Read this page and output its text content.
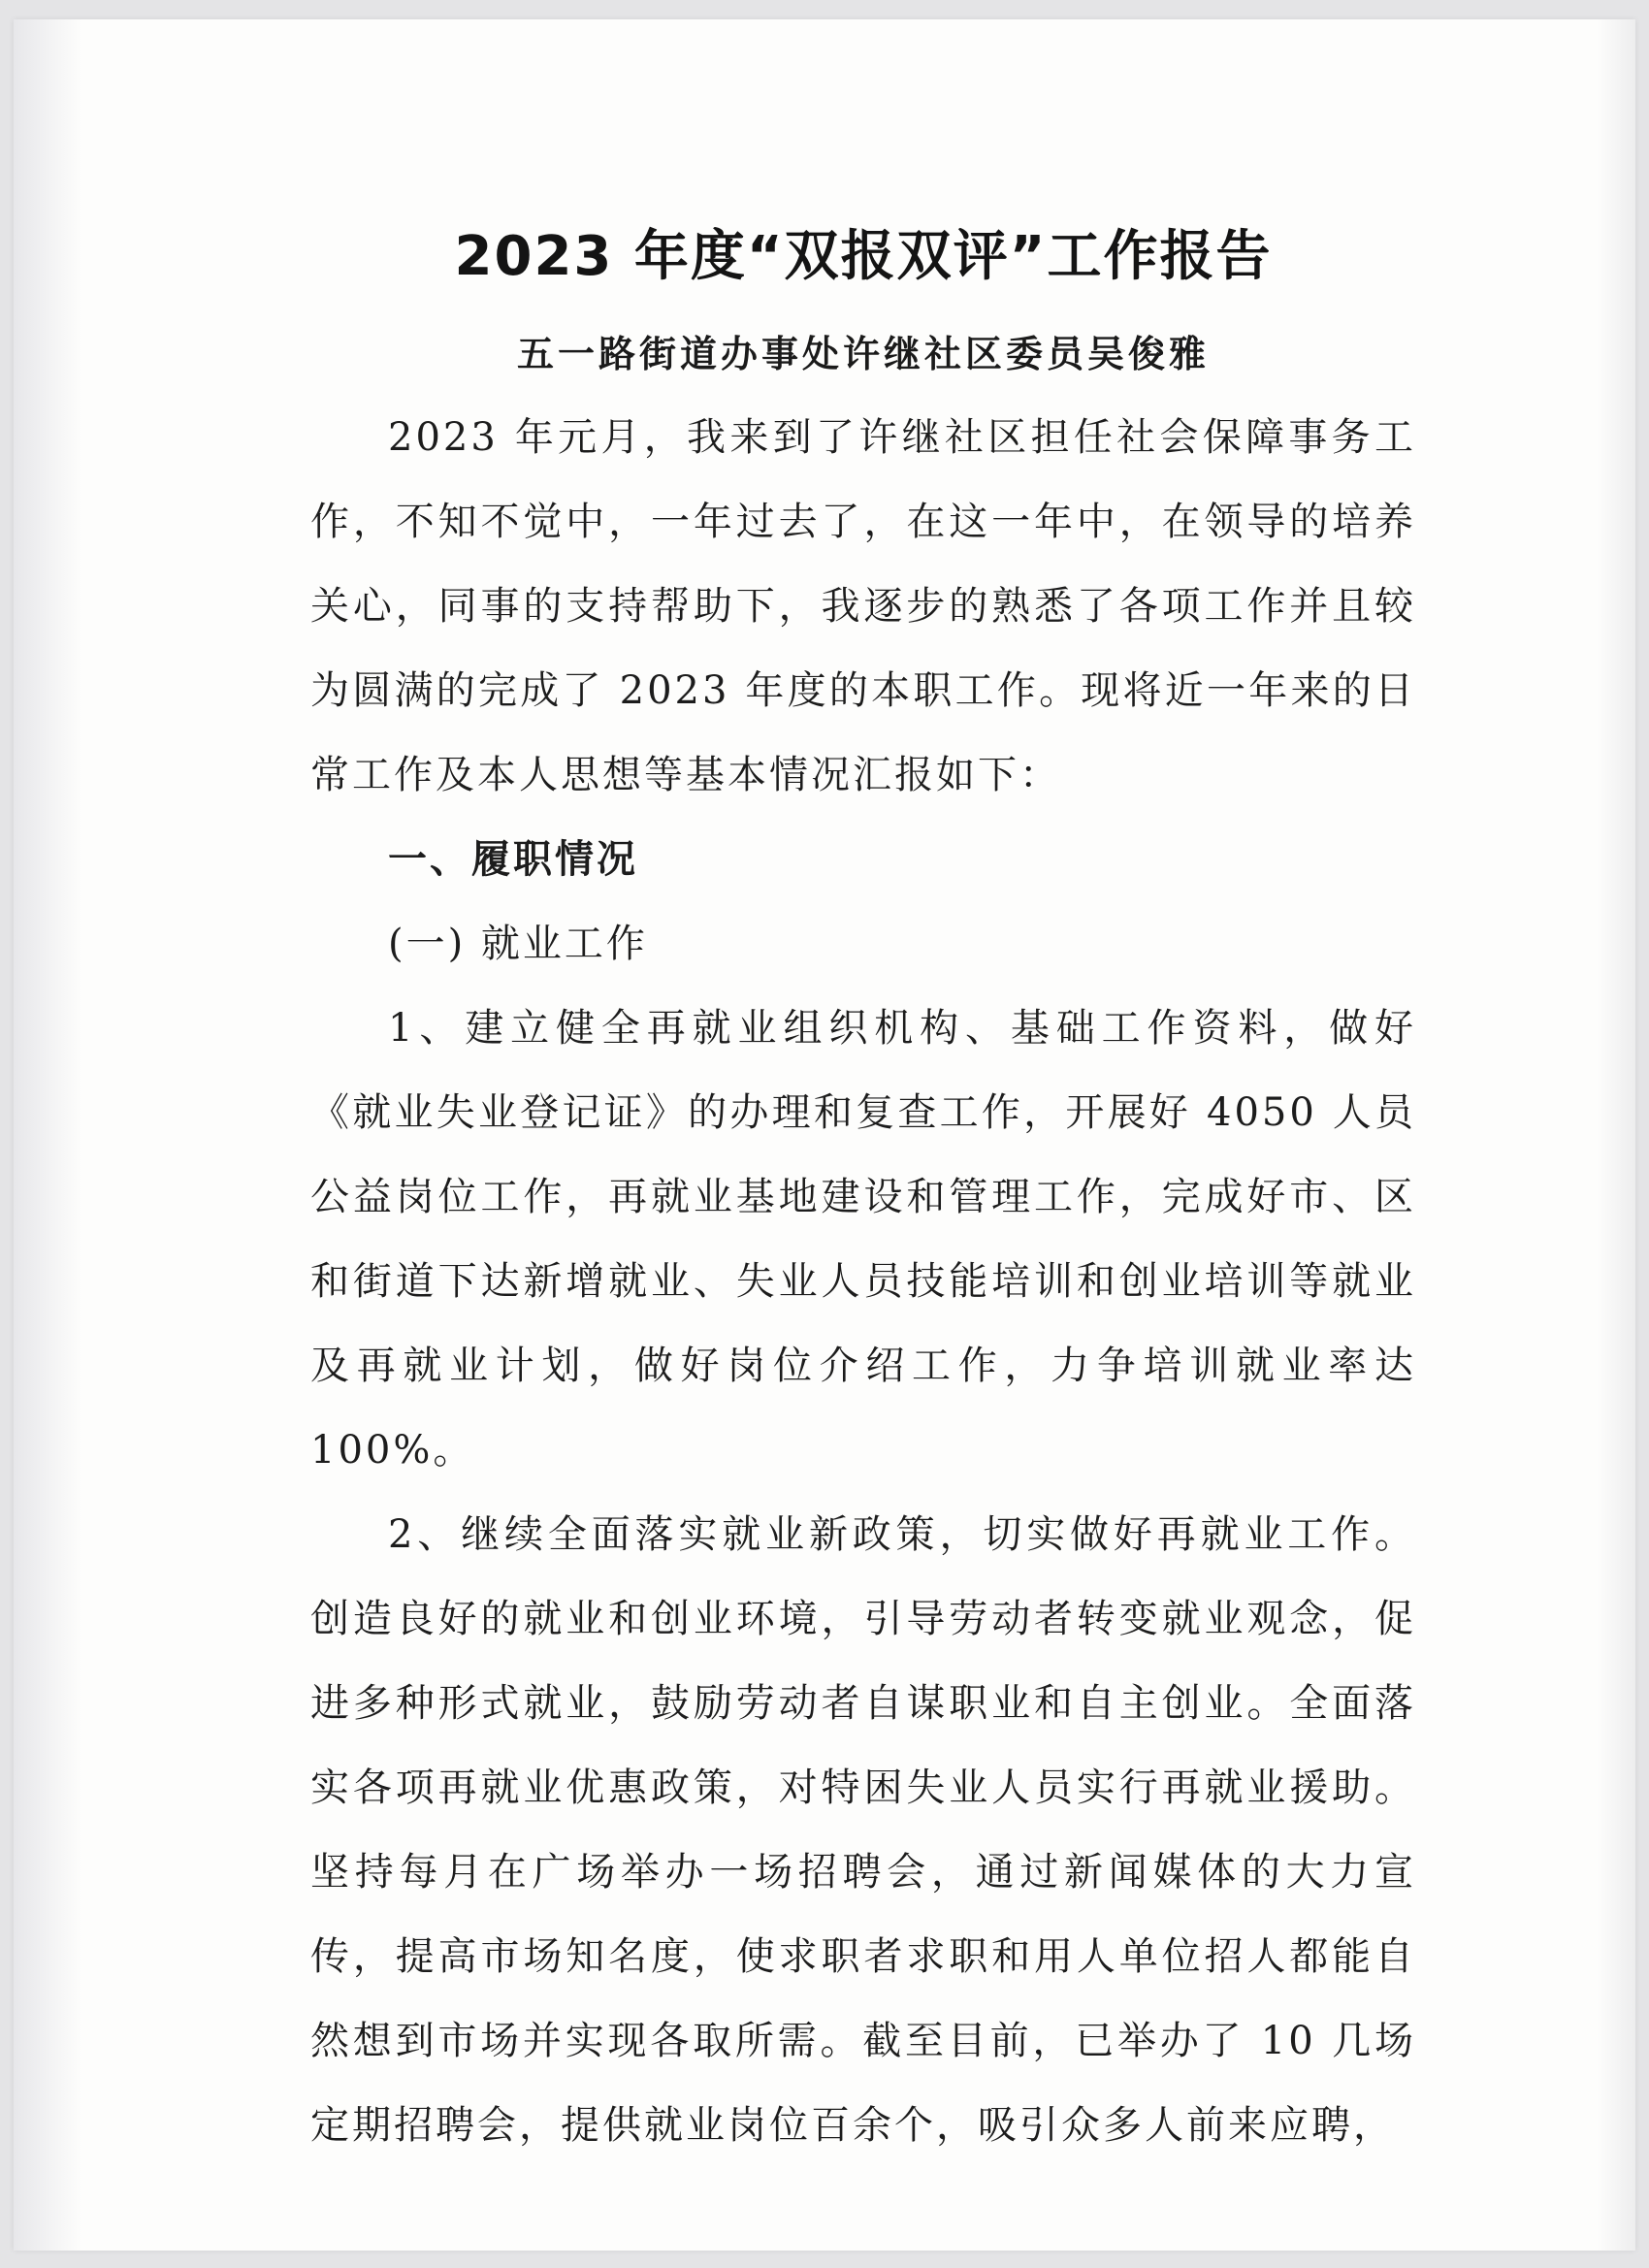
2023 年度“双报双评”工作报告
五一路街道办事处许继社区委员吴俊雅

2023 年元月，我来到了许继社区担任社会保障事务工作，不知不觉中，一年过去了，在这一年中，在领导的培养关心，同事的支持帮助下，我逐步的熟悉了各项工作并且较为圆满的完成了 2023 年度的本职工作。现将近一年来的日常工作及本人思想等基本情况汇报如下：

一、履职情况

(一) 就业工作

1、建立健全再就业组织机构、基础工作资料，做好《就业失业登记证》的办理和复查工作，开展好 4050 人员公益岗位工作，再就业基地建设和管理工作，完成好市、区和街道下达新增就业、失业人员技能培训和创业培训等就业及再就业计划，做好岗位介绍工作，力争培训就业率达 100%。

2、继续全面落实就业新政策，切实做好再就业工作。创造良好的就业和创业环境，引导劳动者转变就业观念，促进多种形式就业，鼓励劳动者自谋职业和自主创业。全面落实各项再就业优惠政策，对特困失业人员实行再就业援助。坚持每月在广场举办一场招聘会，通过新闻媒体的大力宣传，提高市场知名度，使求职者求职和用人单位招人都能自然想到市场并实现各取所需。截至目前，已举办了 10 几场定期招聘会，提供就业岗位百余个，吸引众多人前来应聘，
